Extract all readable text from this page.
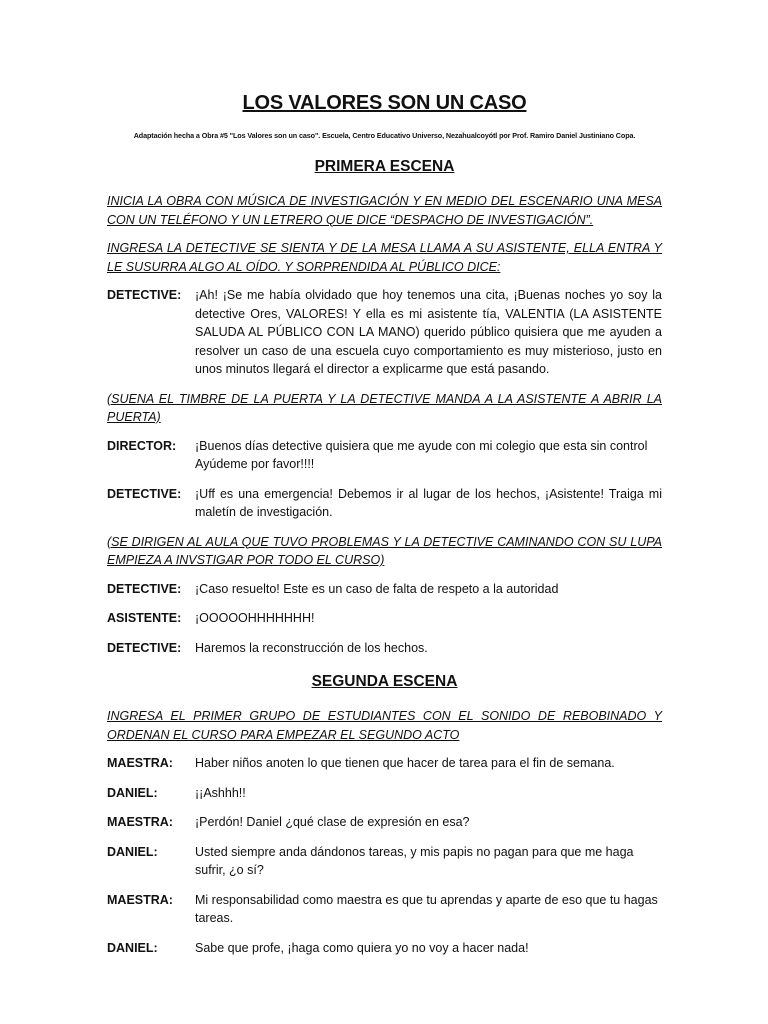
LOS VALORES SON UN CASO
Adaptación hecha a Obra #5 "Los Valores son un caso". Escuela, Centro Educativo Universo, Nezahualcoyótl por Prof. Ramiro Daniel Justiniano Copa.
PRIMERA ESCENA

INICIA LA OBRA CON MÚSICA DE INVESTIGACIÓN Y EN MEDIO DEL ESCENARIO UNA MESA CON UN TELÉFONO Y UN LETRERO QUE DICE “DESPACHO DE INVESTIGACIÓN”.

INGRESA LA DETECTIVE SE SIENTA Y DE LA MESA LLAMA A SU ASISTENTE, ELLA ENTRA Y LE SUSURRA ALGO AL OÍDO. Y SORPRENDIDA AL PÚBLICO DICE:

DETECTIVE:	¡Ah! ¡Se me había olvidado que hoy tenemos una cita, ¡Buenas noches yo soy la detective Ores, VALORES! Y ella es mi asistente tía, VALENTIA (LA ASISTENTE SALUDA AL PÚBLICO CON LA MANO) querido público quisiera que me ayuden a resolver un caso de una escuela cuyo comportamiento es muy misterioso, justo en unos minutos llegará el director a explicarme que está pasando.

(SUENA EL TIMBRE DE LA PUERTA Y LA DETECTIVE MANDA A LA ASISTENTE A ABRIR LA PUERTA)

DIRECTOR:	¡Buenos días detective quisiera que me ayude con mi colegio que esta sin control Ayúdeme por favor!!!!
DETECTIVE:	¡Uff es una emergencia! Debemos ir al lugar de los hechos, ¡Asistente! Traiga mi maletín de investigación.

(SE DIRIGEN AL AULA QUE TUVO PROBLEMAS Y LA DETECTIVE CAMINANDO CON SU LUPA EMPIEZA A INVSTIGAR POR TODO EL CURSO)

DETECTIVE:	¡Caso resuelto! Este es un caso de falta de respeto a la autoridad
ASISTENTE:	¡OOOOOHHHHHHH!
DETECTIVE:	Haremos la reconstrucción de los hechos.
SEGUNDA ESCENA

INGRESA EL PRIMER GRUPO DE ESTUDIANTES CON EL SONIDO DE REBOBINADO Y ORDENAN EL CURSO PARA EMPEZAR EL SEGUNDO ACTO

MAESTRA:	Haber niños anoten lo que tienen que hacer de tarea para el fin de semana.
DANIEL:	¡¡Ashhh!!
MAESTRA:	¡Perdón! Daniel ¿qué clase de expresión en esa?
DANIEL:	Usted siempre anda dándonos tareas, y mis papis no pagan para que me haga sufrir, ¿o sí?
MAESTRA:	Mi responsabilidad como maestra es que tu aprendas y aparte de eso que tu hagas tareas.
DANIEL:	Sabe que profe, ¡haga como quiera yo no voy a hacer nada!
